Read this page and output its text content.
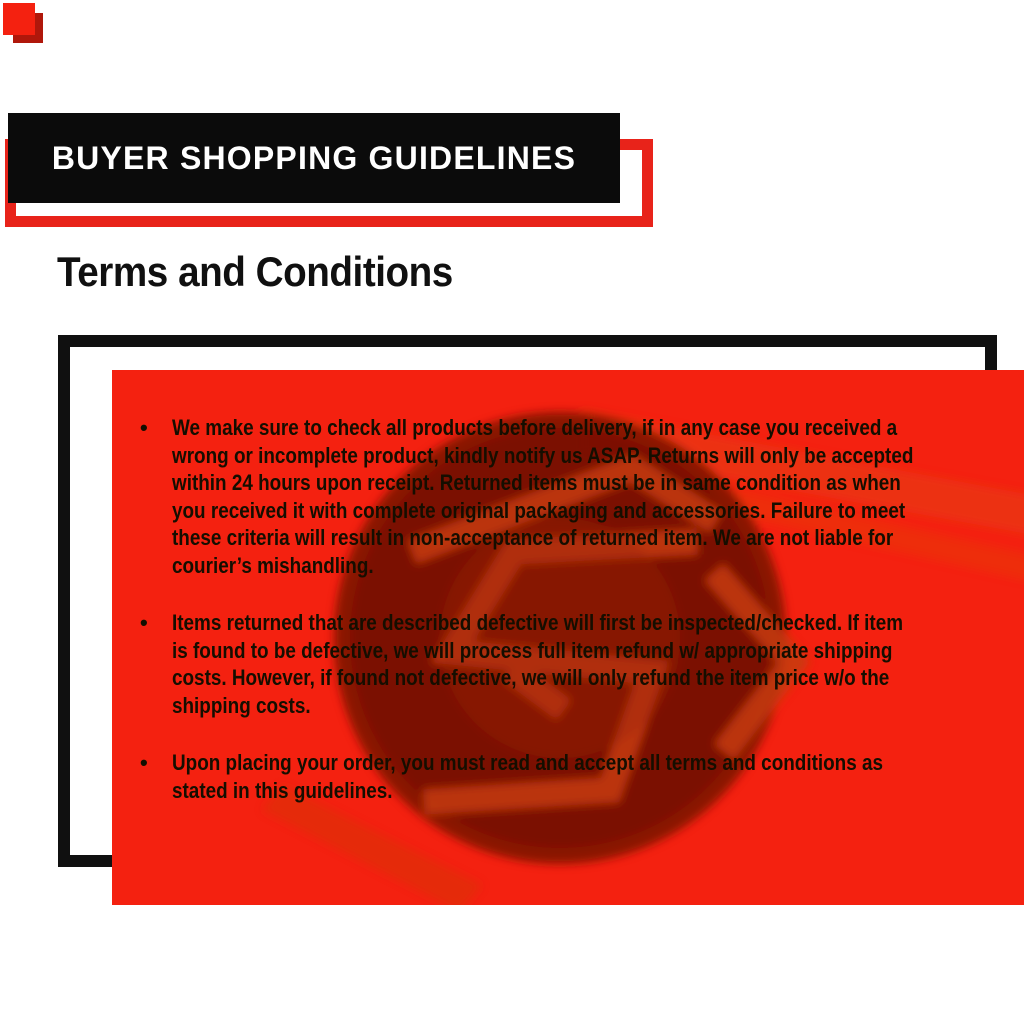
BUYER SHOPPING GUIDELINES
Terms and Conditions
•	We make sure to check all products before delivery, if in any case you received a
wrong or incomplete product, kindly notify us ASAP. Returns will only be accepted
within 24 hours upon receipt. Returned items must be in same condition as when
you received it with complete original packaging and accessories. Failure to meet
these criteria will result in non-acceptance of returned item. We are not liable for
courier’s mishandling.
•	Items returned that are described defective will first be inspected/checked. If item
is found to be defective, we will process full item refund w/ appropriate shipping
costs. However, if found not defective, we will only refund the item price w/o the
shipping costs.
•	Upon placing your order, you must read and accept all terms and conditions as
stated in this guidelines.
